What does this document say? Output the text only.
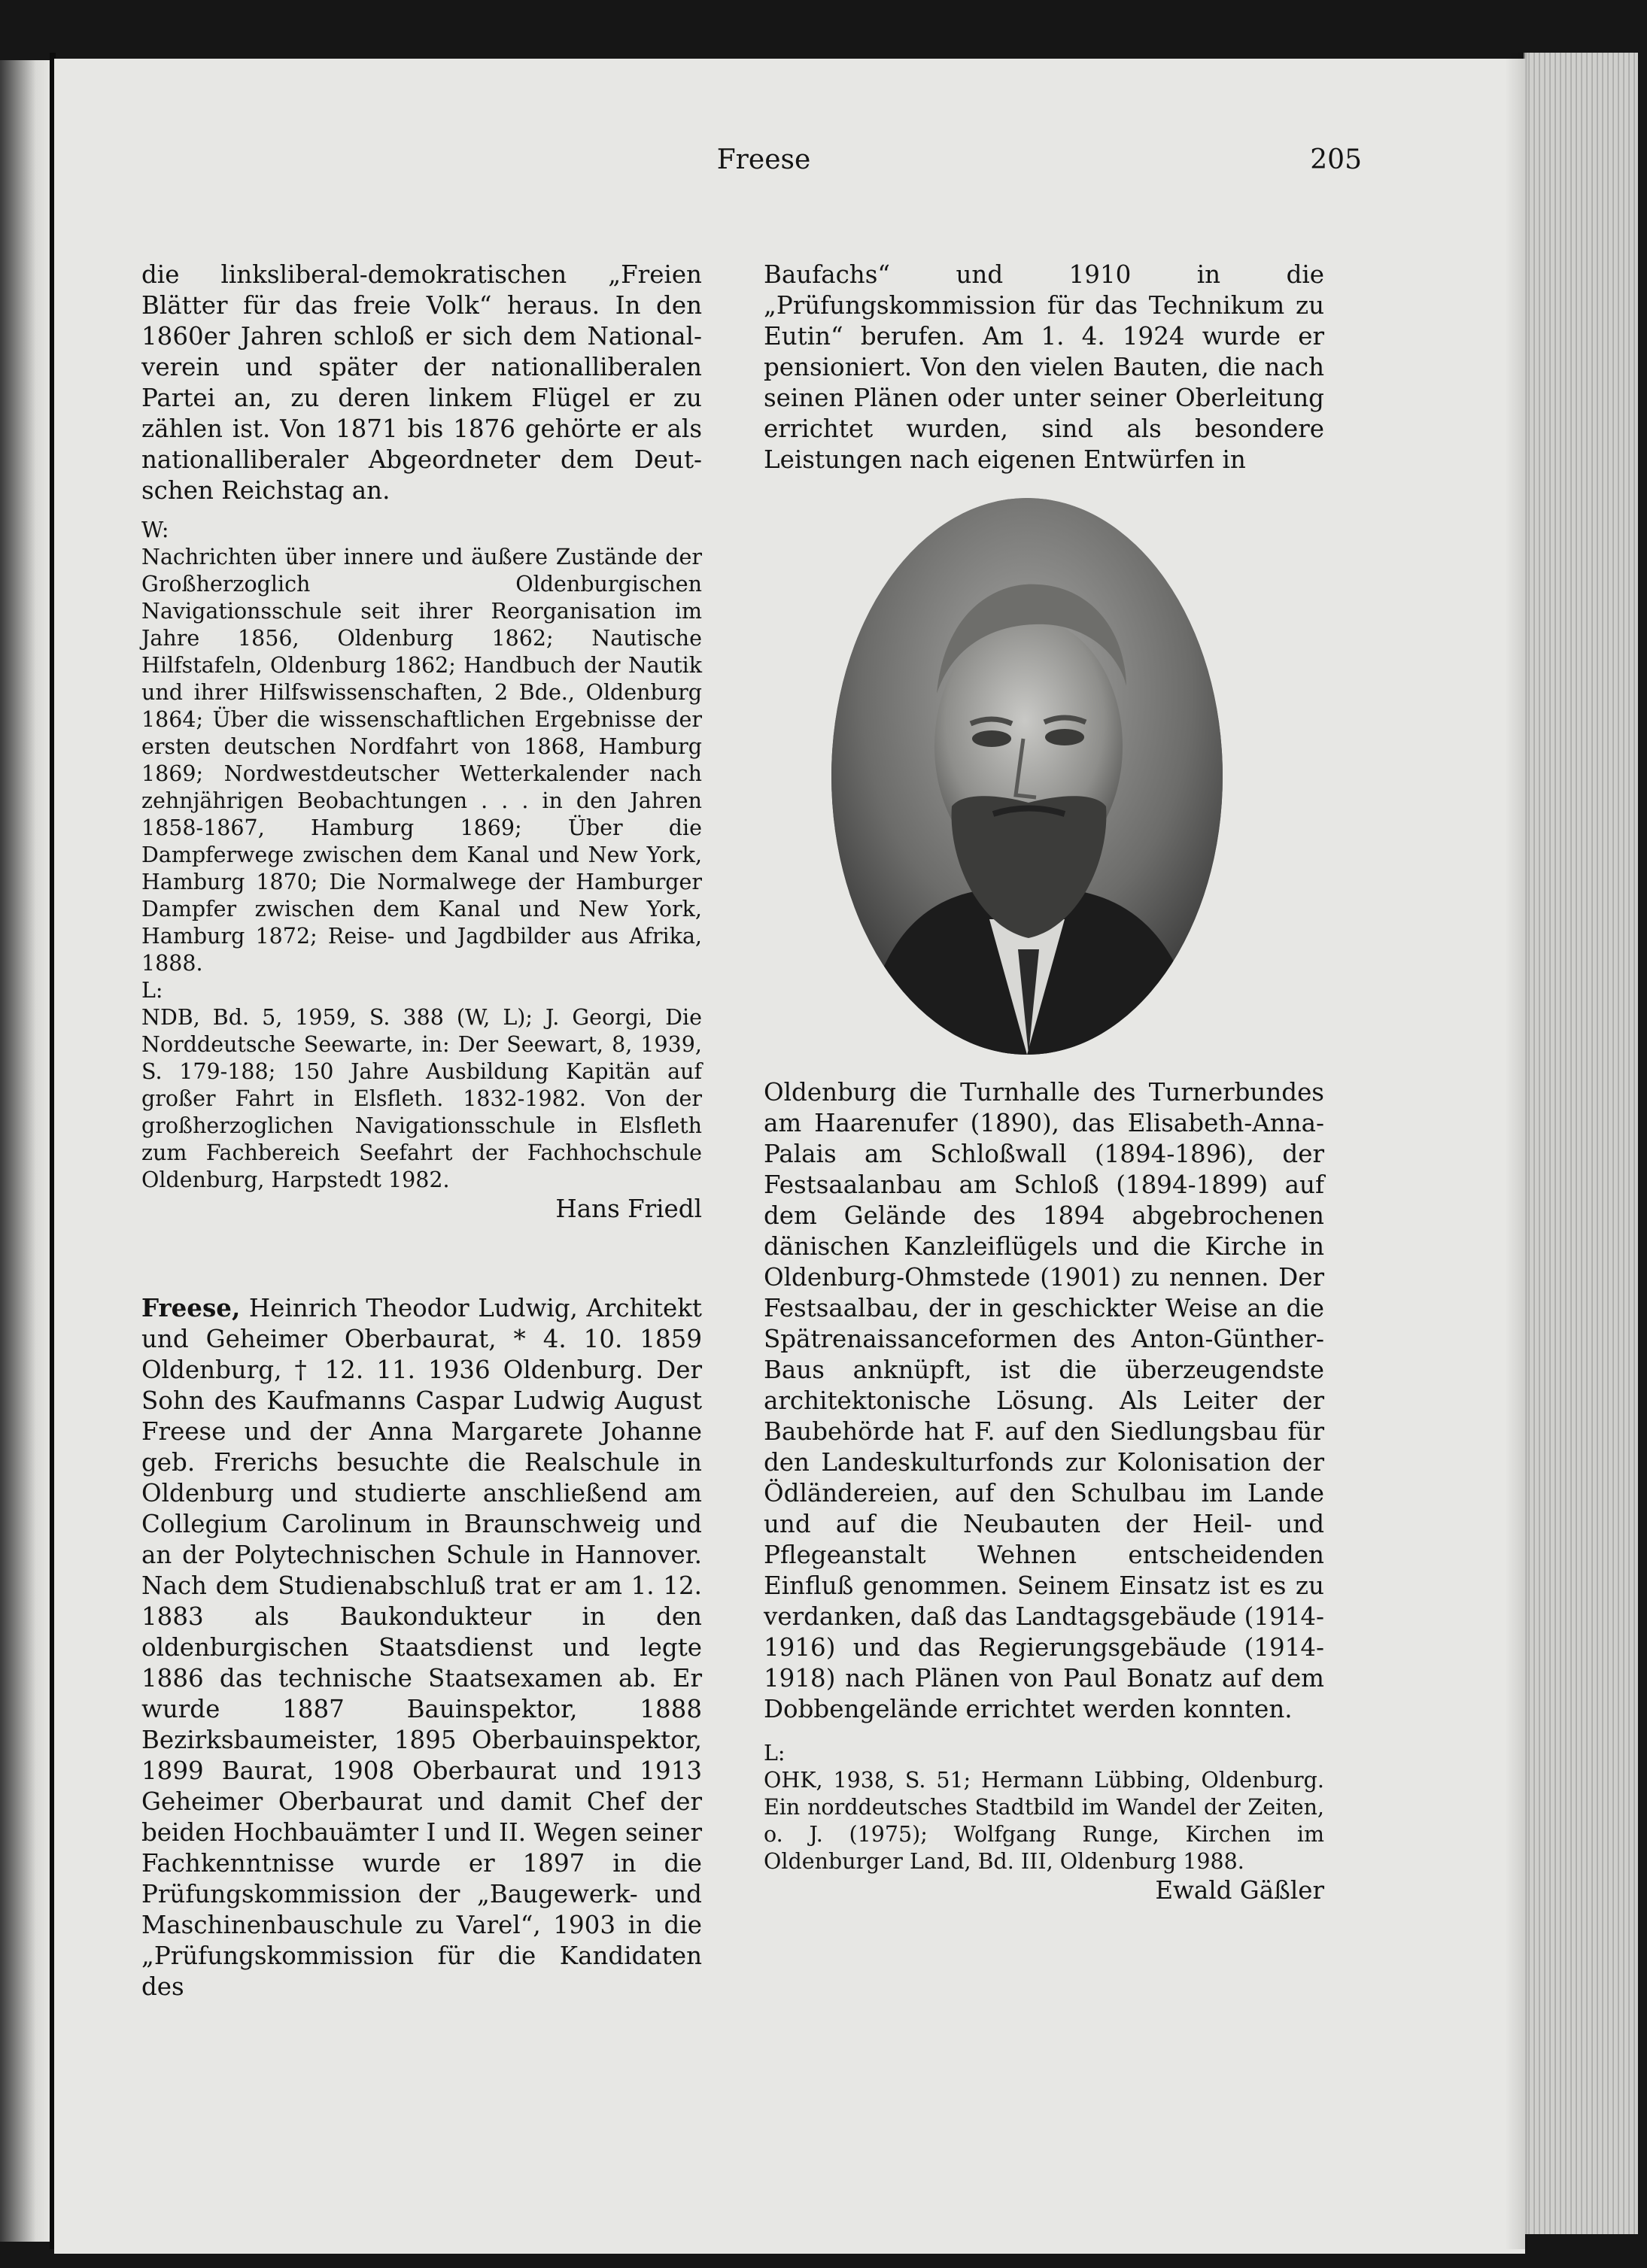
Freese	205

die linksliberal-demokratischen „Freien

Blätter für das freie Volk“ heraus. In den

1860er Jahren schloß er sich dem National-

verein und später der nationalliberalen

Partei an, zu deren linkem Flügel er zu

zählen ist. Von 1871 bis 1876 gehörte er als

nationalliberaler Abgeordneter dem Deut-

schen Reichstag an.

W:

Nachrichten über innere und äußere Zustände der Großherzoglich Oldenburgischen Navigationsschule seit ihrer Reorganisation im Jahre 1856, Oldenburg 1862; Nautische Hilfstafeln, Oldenburg 1862; Handbuch der Nautik und ihrer Hilfswissenschaften, 2 Bde., Oldenburg 1864; Über die wissenschaftlichen Ergebnisse der ersten deutschen Nordfahrt von 1868, Hamburg 1869; Nordwestdeutscher Wetterkalender nach zehnjährigen Beobachtungen . . . in den Jahren 1858-1867, Hamburg 1869; Über die Dampferwege zwischen dem Kanal und New York, Hamburg 1870; Die Normalwege der Hamburger Dampfer zwischen dem Kanal und New York, Hamburg 1872; Reise- und Jagdbilder aus Afrika, 1888.

L:

NDB, Bd. 5, 1959, S. 388 (W, L); J. Georgi, Die Norddeutsche Seewarte, in: Der Seewart, 8, 1939, S. 179-188; 150 Jahre Ausbildung Kapitän auf großer Fahrt in Elsfleth. 1832-1982. Von der großherzoglichen Navigationsschule in Elsfleth zum Fachbereich Seefahrt der Fachhochschule Oldenburg, Harpstedt 1982.

Hans Friedl

Freese, Heinrich Theodor Ludwig, Architekt und Geheimer Oberbaurat, * 4. 10. 1859 Oldenburg, † 12. 11. 1936 Oldenburg. Der Sohn des Kaufmanns Caspar Ludwig August Freese und der Anna Margarete Johanne geb. Frerichs besuchte die Realschule in Oldenburg und studierte anschließend am Collegium Carolinum in Braunschweig und an der Polytechnischen Schule in Hannover. Nach dem Studienabschluß trat er am 1. 12. 1883 als Baukondukteur in den oldenburgischen Staatsdienst und legte 1886 das technische Staatsexamen ab. Er wurde 1887 Bauinspektor, 1888 Bezirksbaumeister, 1895 Oberbauinspektor, 1899 Baurat, 1908 Oberbaurat und 1913 Geheimer Oberbaurat und damit Chef der beiden Hochbauämter I und II. Wegen seiner Fachkenntnisse wurde er 1897 in die Prüfungskommission der „Baugewerk- und Maschinenbauschule zu Varel“, 1903 in die „Prüfungskommission für die Kandidaten des

Baufachs“ und 1910 in die „Prüfungskommission für das Technikum zu Eutin“ berufen. Am 1. 4. 1924 wurde er pensioniert. Von den vielen Bauten, die nach seinen Plänen oder unter seiner Oberleitung errichtet wurden, sind als besondere Leistungen nach eigenen Entwürfen in

Oldenburg die Turnhalle des Turnerbundes am Haarenufer (1890), das Elisabeth-Anna-Palais am Schloßwall (1894-1896), der Festsaalanbau am Schloß (1894-1899) auf dem Gelände des 1894 abgebrochenen dänischen Kanzleiflügels und die Kirche in Oldenburg-Ohmstede (1901) zu nennen. Der Festsaalbau, der in geschickter Weise an die Spätrenaissanceformen des Anton-Günther-Baus anknüpft, ist die überzeugendste architektonische Lösung. Als Leiter der Baubehörde hat F. auf den Siedlungsbau für den Landeskulturfonds zur Kolonisation der Ödländereien, auf den Schulbau im Lande und auf die Neubauten der Heil- und Pflegeanstalt Wehnen entscheidenden Einfluß genommen. Seinem Einsatz ist es zu verdanken, daß das Landtagsgebäude (1914-1916) und das Regierungsgebäude (1914-1918) nach Plänen von Paul Bonatz auf dem Dobbengelände errichtet werden konnten.

L:

OHK, 1938, S. 51; Hermann Lübbing, Oldenburg. Ein norddeutsches Stadtbild im Wandel der Zeiten, o. J. (1975); Wolfgang Runge, Kirchen im Oldenburger Land, Bd. III, Oldenburg 1988.

Ewald Gäßler
